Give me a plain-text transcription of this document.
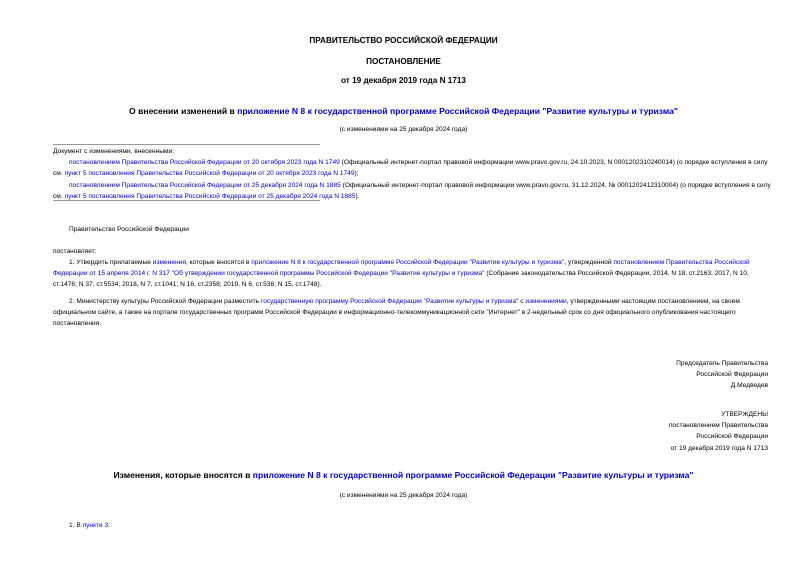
ПРАВИТЕЛЬСТВО РОССИЙСКОЙ ФЕДЕРАЦИИ
ПОСТАНОВЛЕНИЕ
от 19 декабря 2019 года N 1713
О внесении изменений в приложение N 8 к государственной программе Российской Федерации "Развитие культуры и туризма"
(с изменениями на 25 декабря 2024 года)
Документ с изменениями, внесенными:
постановлением Правительства Российской Федерации от 20 октября 2023 года N 1749 (Официальный интернет-портал правовой информации www.pravo.gov.ru, 24.10.2023, N 0001202310240014) (о порядке вступления в силу см. пункт 5 постановления Правительства Российской Федерации от 20 октября 2023 года N 1749);
постановлением Правительства Российской Федерации от 25 декабря 2024 года N 1885 (Официальный интернет-портал правовой информации www.pravo.gov.ru, 31.12.2024, № 0001202412310004) (о порядке вступления в силу см. пункт 5 постановления Правительства Российской Федерации от 25 декабря 2024 года N 1885).
Правительство Российской Федерации
постановляет:
1. Утвердить прилагаемые изменения, которые вносятся в приложение N 8 к государственной программе Российской Федерации "Развитие культуры и туризма", утвержденной постановлением Правительства Российской Федерации от 15 апреля 2014 г. N 317 "Об утверждении государственной программы Российской Федерации "Развитие культуры и туризма" (Собрание законодательства Российской Федерации, 2014, N 18, ст.2163; 2017, N 10, ст.1476; N 37, ст.5534; 2018, N 7, ст.1041; N 16, ст.2358; 2019, N 6, ст.536; N 15, ст.1748).
2. Министерству культуры Российской Федерации разместить государственную программу Российской Федерации "Развитие культуры и туризма" с изменениями, утвержденными настоящим постановлением, на своем официальном сайте, а также на портале государственных программ Российской Федерации в информационно-телекоммуникационной сети "Интернет" в 2-недельный срок со дня официального опубликования настоящего постановления.
Председатель Правительства
Российской Федерации
Д.Медведев
УТВЕРЖДЕНЫ
постановлением Правительства
Российской Федерации
от 19 декабря 2019 года N 1713
Изменения, которые вносятся в приложение N 8 к государственной программе Российской Федерации "Развитие культуры и туризма"
(с изменениями на 25 декабря 2024 года)
1. В пункте 3:
